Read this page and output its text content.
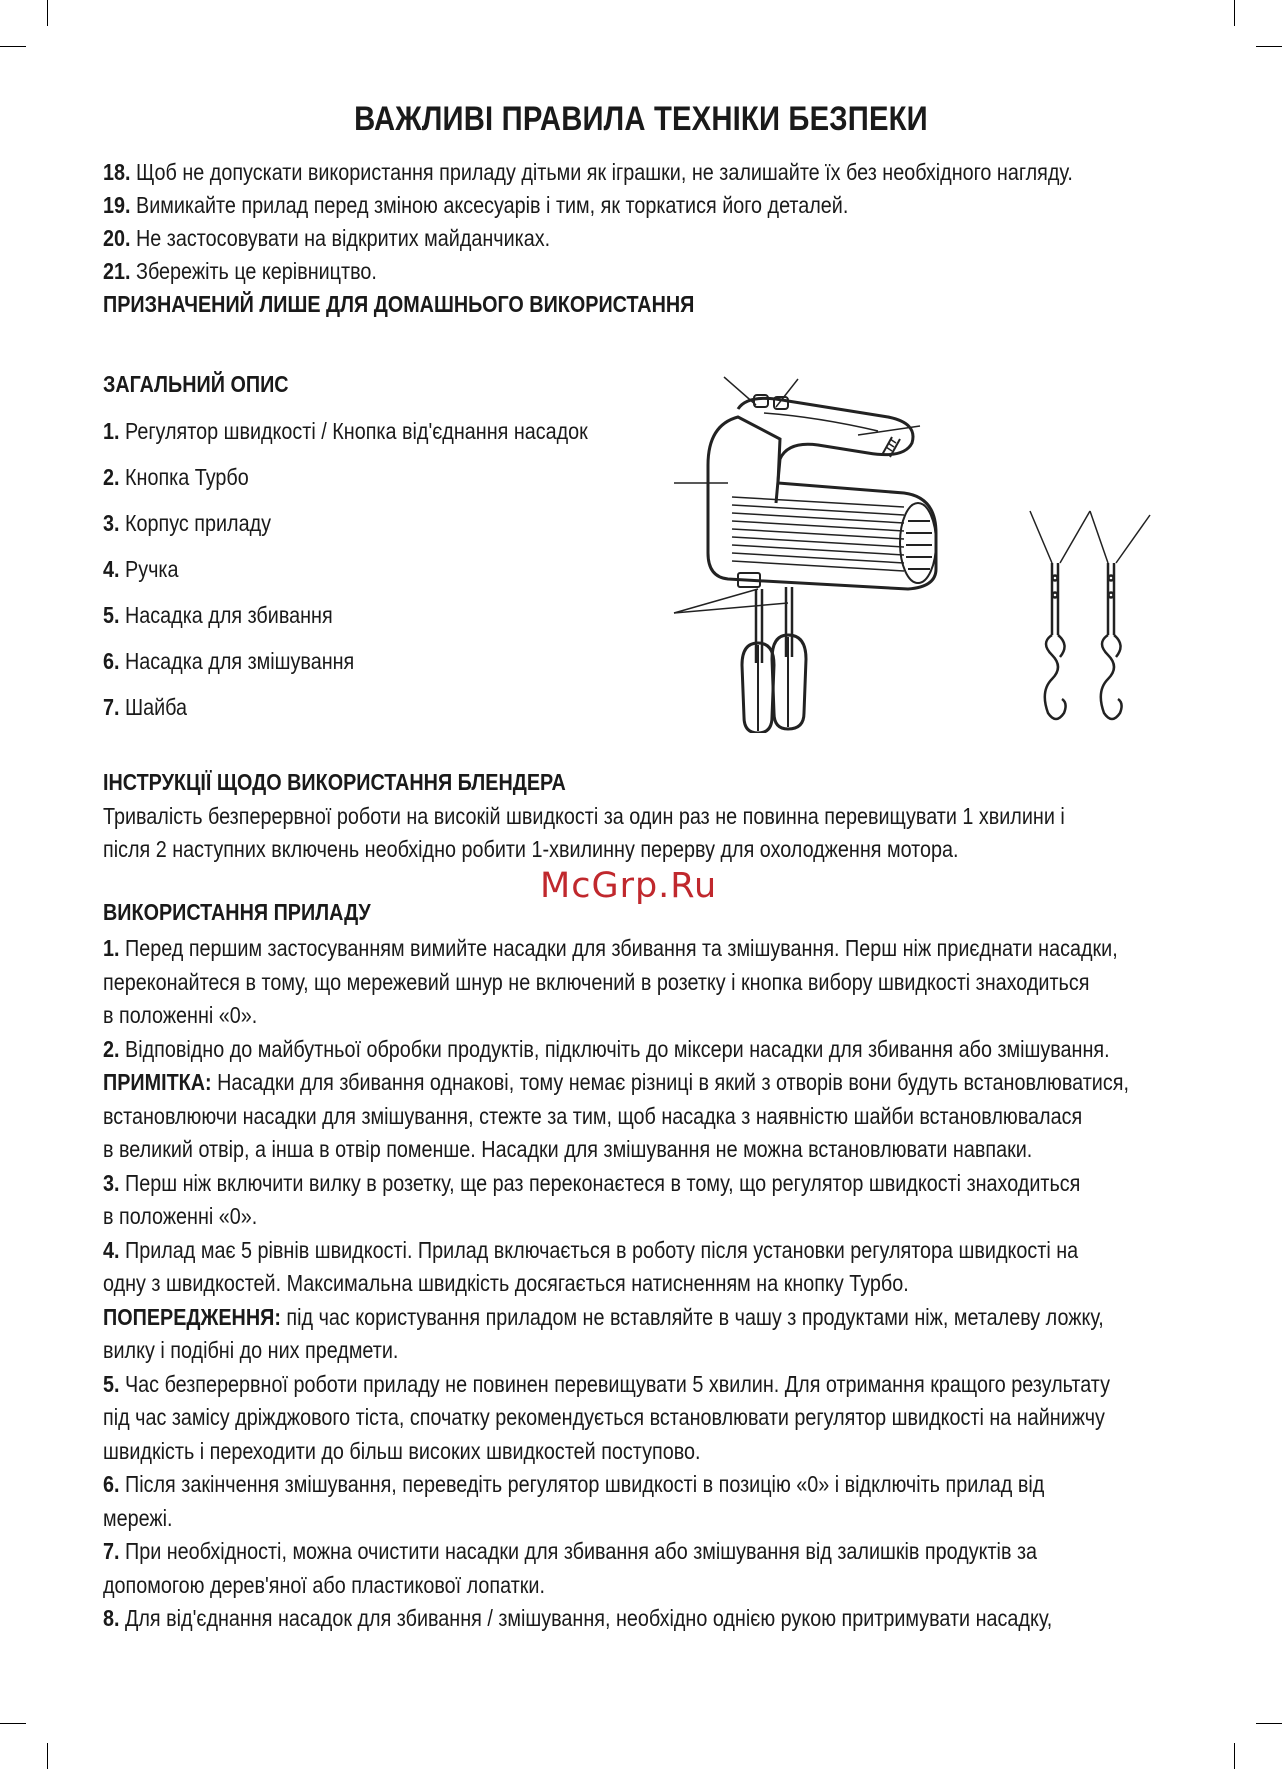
ВАЖЛИВІ ПРАВИЛА ТЕХНІКИ БЕЗПЕКИ
18. Щоб не допускати використання приладу дітьми як іграшки, не залишайте їх без необхідного нагляду.
19. Вимикайте прилад перед зміною аксесуарів і тим, як торкатися його деталей.
20. Не застосовувати на відкритих майданчиках.
21. Збережіть це керівництво.
ПРИЗНАЧЕНИЙ ЛИШЕ ДЛЯ ДОМАШНЬОГО ВИКОРИСТАННЯ
ЗАГАЛЬНИЙ ОПИС
1. Регулятор швидкості / Кнопка від'єднання насадок
2. Кнопка Турбо
3. Корпус приладу
4. Ручка
5. Насадка для збивання
6. Насадка для змішування
7. Шайба
ІНСТРУКЦІЇ ЩОДО ВИКОРИСТАННЯ БЛЕНДЕРА
Тривалість безперервної роботи на високій швидкості за один раз не повинна перевищувати 1 хвилини і
після 2 наступних включень необхідно робити 1-хвилинну перерву для охолодження мотора.
McGrp.Ru
ВИКОРИСТАННЯ ПРИЛАДУ
1. Перед першим застосуванням вимийте насадки для збивання та змішування. Перш ніж приєднати насадки,
переконайтеся в тому, що мережевий шнур не включений в розетку і кнопка вибору швидкості знаходиться
в положенні «0».
2. Відповідно до майбутньої обробки продуктів, підключіть до міксери насадки для збивання або змішування.
ПРИМІТКА: Насадки для збивання однакові, тому немає різниці в який з отворів вони будуть встановлюватися,
встановлюючи насадки для змішування, стежте за тим, щоб насадка з наявністю шайби встановлювалася
в великий отвір, а інша в отвір поменше. Насадки для змішування не можна встановлювати навпаки.
3. Перш ніж включити вилку в розетку, ще раз переконаєтеся в тому, що регулятор швидкості знаходиться
в положенні «0».
4. Прилад має 5 рівнів швидкості. Прилад включається в роботу після установки регулятора швидкості на
одну з швидкостей. Максимальна швидкість досягається натисненням на кнопку Турбо.
ПОПЕРЕДЖЕННЯ: під час користування приладом не вставляйте в чашу з продуктами ніж, металеву ложку,
вилку і подібні до них предмети.
5. Час безперервної роботи приладу не повинен перевищувати 5 хвилин. Для отримання кращого результату
під час замісу дріжджового тіста, спочатку рекомендується встановлювати регулятор швидкості на найнижчу
швидкість і переходити до більш високих швидкостей поступово.
6. Після закінчення змішування, переведіть регулятор швидкості в позицію «0» і відключіть прилад від
мережі.
7. При необхідності, можна очистити насадки для збивання або змішування від залишків продуктів за
допомогою дерев'яної або пластикової лопатки.
8. Для від'єднання насадок для збивання / змішування, необхідно однією рукою притримувати насадку,
